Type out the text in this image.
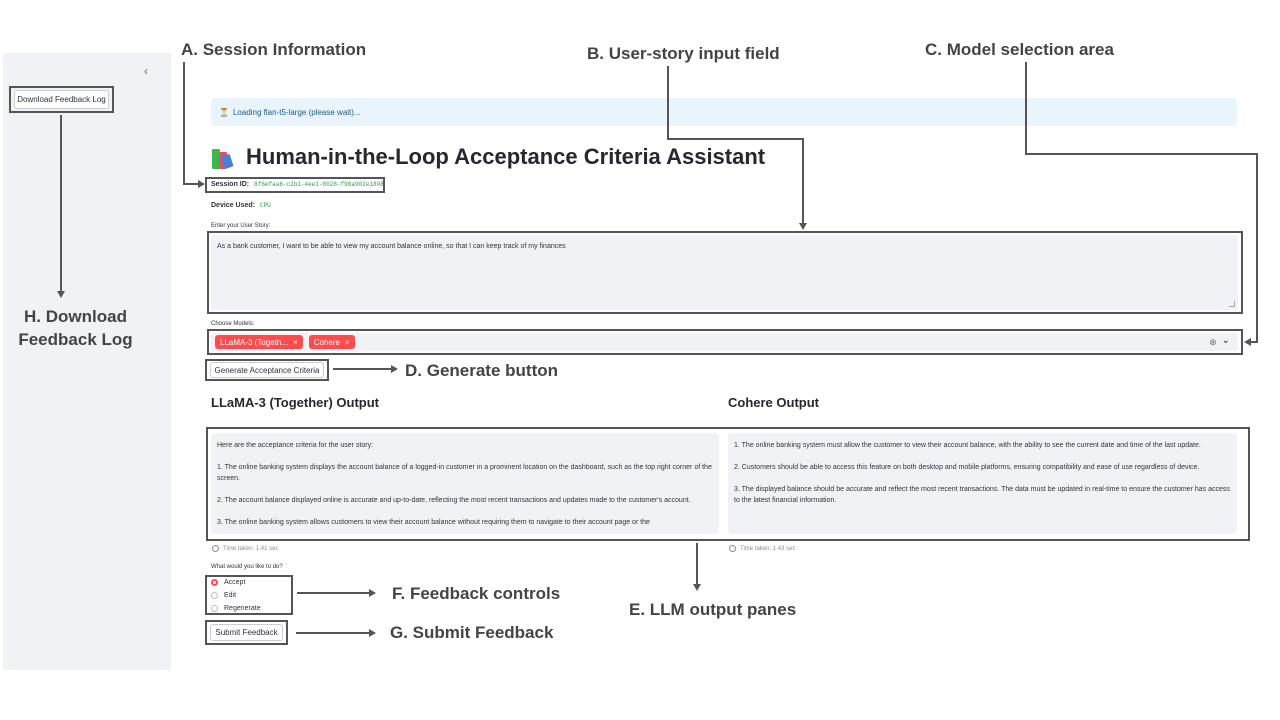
‹
Download Feedback Log
⏳ Loading flan-t5-large (please wait)...
Human-in-the-Loop Acceptance Criteria Assistant
Session ID: 8f6efaa6-c2b1-4ee1-8028-f98a902e1808
Device Used: CPU
Enter your User Story:
As a bank customer, I want to be able to view my account balance online, so that I can keep track of my finances
Choose Models:
LLaMA-3 (Togeth... × Cohere ×	⊗ ⌄
Generate Acceptance Criteria
LLaMA-3 (Together) Output	Cohere Output

Here are the acceptance criteria for the user story:

1. The online banking system displays the account balance of a logged-in customer in a prominent location on the dashboard, such as the top right corner of the screen.

2. The account balance displayed online is accurate and up-to-date, reflecting the most recent transactions and updates made to the customer's account.

3. The online banking system allows customers to view their account balance without requiring them to navigate to their account page or the

1. The online banking system must allow the customer to view their account balance, with the ability to see the current date and time of the last update.

2. Customers should be able to access this feature on both desktop and mobile platforms, ensuring compatibility and ease of use regardless of device.

3. The displayed balance should be accurate and reflect the most recent transactions. The data must be updated in real-time to ensure the customer has access to the latest financial information.

Time taken: 1.41 sec	Time taken: 1.43 sec
What would you like to do?
Accept
Edit
Regenerate
Submit Feedback
A. Session Information	B. User-story input field	C. Model selection area
D. Generate button
E. LLM output panes
F. Feedback controls
G. Submit Feedback
H. Download Feedback Log
